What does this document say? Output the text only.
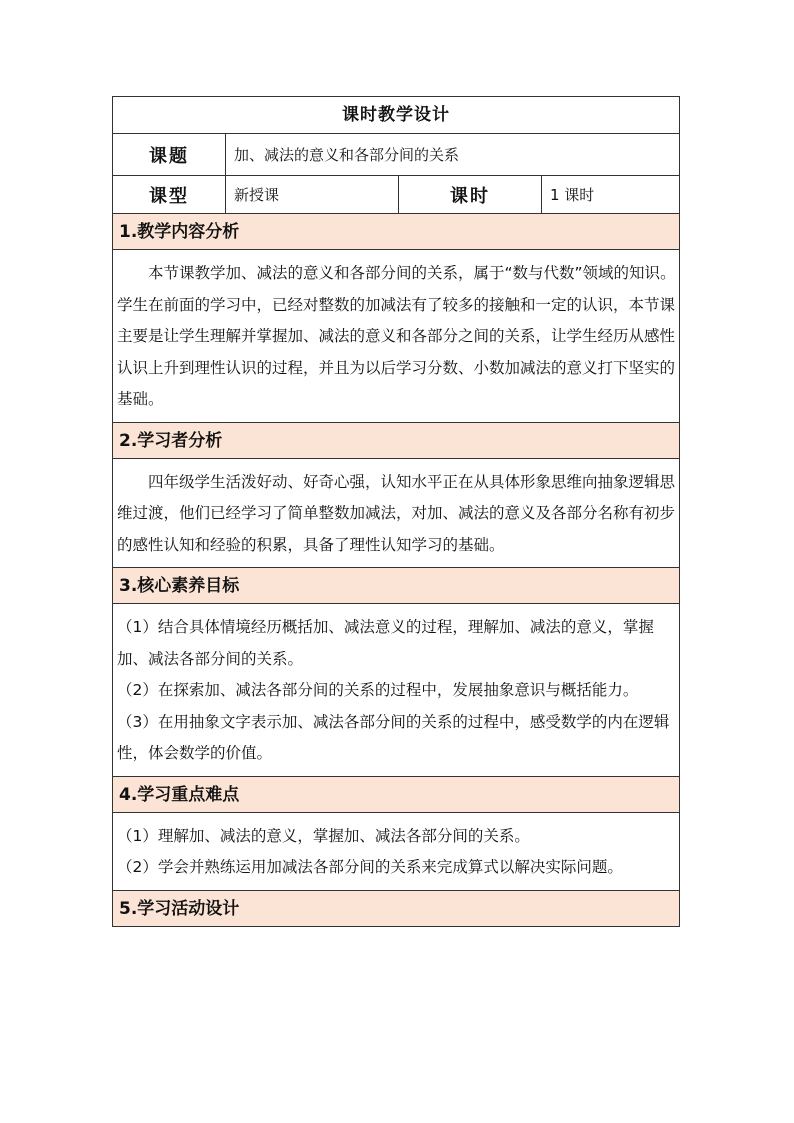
课时教学设计
课题	加、减法的意义和各部分间的关系
课型	新授课	课时	1 课时
1.教学内容分析

本节课教学加、减法的意义和各部分间的关系，属于“数与代数”领域的知识。学生在前面的学习中，已经对整数的加减法有了较多的接触和一定的认识，本节课主要是让学生理解并掌握加、减法的意义和各部分之间的关系，让学生经历从感性认识上升到理性认识的过程，并且为以后学习分数、小数加减法的意义打下坚实的基础。

2.学习者分析

四年级学生活泼好动、好奇心强，认知水平正在从具体形象思维向抽象逻辑思维过渡，他们已经学习了简单整数加减法，对加、减法的意义及各部分名称有初步的感性认知和经验的积累，具备了理性认知学习的基础。

3.核心素养目标

（1）结合具体情境经历概括加、减法意义的过程，理解加、减法的意义，掌握加、减法各部分间的关系。

（2）在探索加、减法各部分间的关系的过程中，发展抽象意识与概括能力。

（3）在用抽象文字表示加、减法各部分间的关系的过程中，感受数学的内在逻辑性，体会数学的价值。

4.学习重点难点

（1）理解加、减法的意义，掌握加、减法各部分间的关系。

（2）学会并熟练运用加减法各部分间的关系来完成算式以解决实际问题。

5.学习活动设计
